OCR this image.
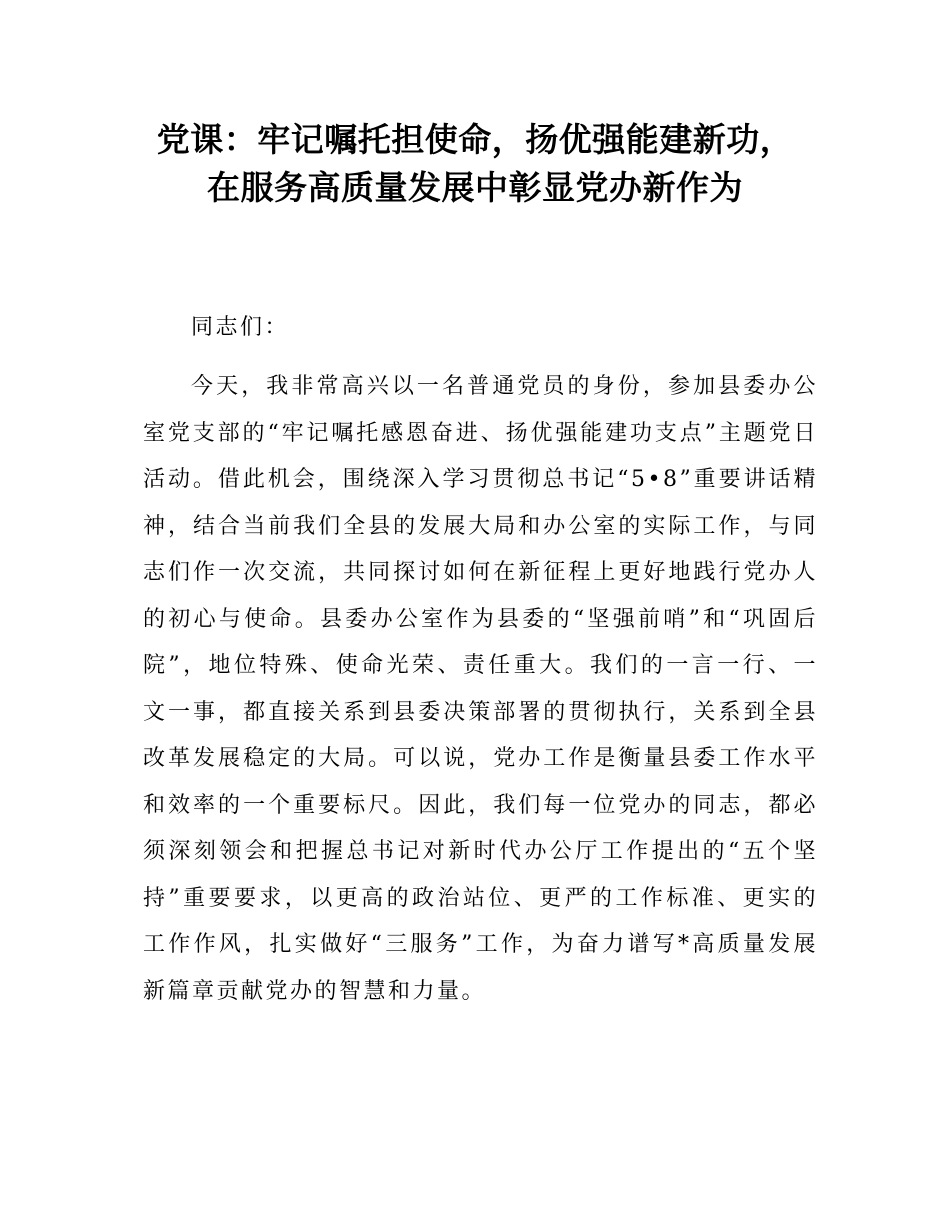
党课：牢记嘱托担使命，扬优强能建新功，
在服务高质量发展中彰显党办新作为

同志们：

今天，我非常高兴以一名普通党员的身份，参加县委办公室党支部的“牢记嘱托感恩奋进、扬优强能建功支点”主题党日活动。借此机会，围绕深入学习贯彻总书记“5•8”重要讲话精神，结合当前我们全县的发展大局和办公室的实际工作，与同志们作一次交流，共同探讨如何在新征程上更好地践行党办人的初心与使命。县委办公室作为县委的“坚强前哨”和“巩固后院”，地位特殊、使命光荣、责任重大。我们的一言一行、一文一事，都直接关系到县委决策部署的贯彻执行，关系到全县改革发展稳定的大局。可以说，党办工作是衡量县委工作水平和效率的一个重要标尺。因此，我们每一位党办的同志，都必须深刻领会和把握总书记对新时代办公厅工作提出的“五个坚持”重要要求，以更高的政治站位、更严的工作标准、更实的工作作风，扎实做好“三服务”工作，为奋力谱写*高质量发展新篇章贡献党办的智慧和力量。
